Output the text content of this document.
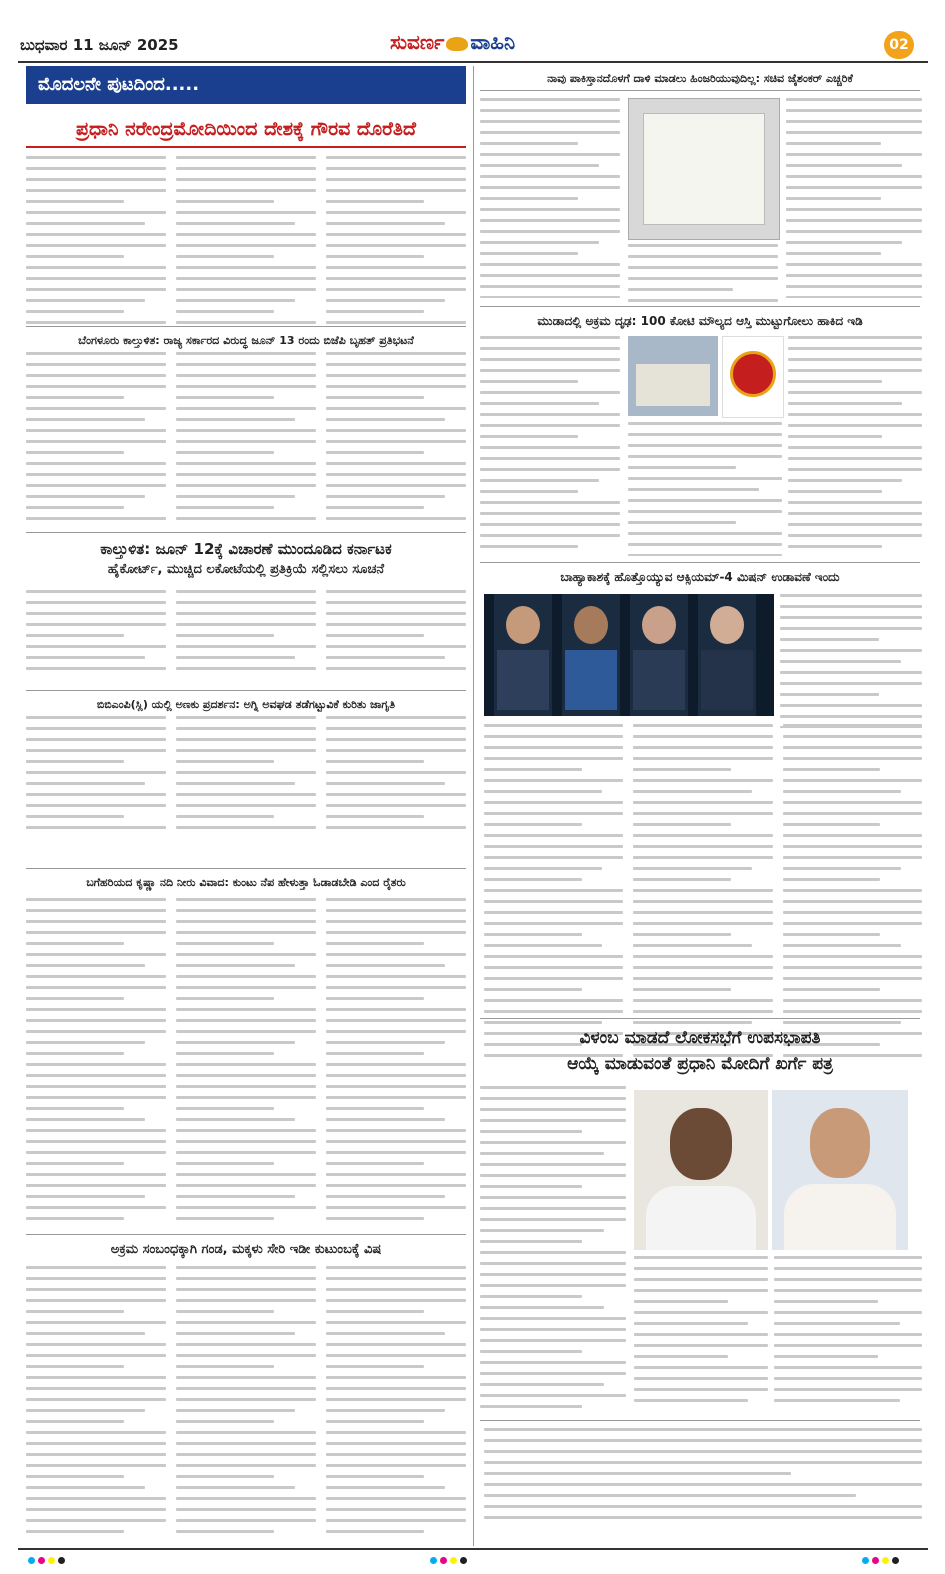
ಬುಧವಾರ 11 ಜೂನ್ 2025	ಸುವರ್ಣ ವಾಹಿನಿ	02
ಮೊದಲನೇ ಪುಟದಿಂದ.....
ಪ್ರಧಾನಿ ನರೇಂದ್ರಮೋದಿಯಿಂದ ದೇಶಕ್ಕೆ ಗೌರವ ದೊರೆತಿದೆ
ಬೆಂಗಳೂರು ಕಾಲ್ತುಳಿತ: ರಾಜ್ಯ ಸರ್ಕಾರದ ವಿರುದ್ಧ ಜೂನ್ 13 ರಂದು ಬಿಜೆಪಿ ಬೃಹತ್ ಪ್ರತಿಭಟನೆ
ಕಾಲ್ತುಳಿತ: ಜೂನ್ 12ಕ್ಕೆ ವಿಚಾರಣೆ ಮುಂದೂಡಿದ ಕರ್ನಾಟಕ
ಹೈಕೋರ್ಟ್, ಮುಚ್ಚಿದ ಲಕೋಟೆಯಲ್ಲಿ ಪ್ರತಿಕ್ರಿಯೆ ಸಲ್ಲಿಸಲು ಸೂಚನೆ
ಬಿಬಿಎಂಪಿ(ಸ್ಲಿ) ಯಲ್ಲಿ ಅಣಕು ಪ್ರದರ್ಶನ: ಅಗ್ನಿ ಅವಘಡ ತಡೆಗಟ್ಟುವಿಕೆ ಕುರಿತು ಜಾಗೃತಿ
ಬಗೆಹರಿಯದ ಕೃಷ್ಣಾ ನದಿ ನೀರು ವಿವಾದ: ಕುಂಟು ನೆಪ ಹೇಳುತ್ತಾ ಓಡಾಡಬೇಡಿ ಎಂದ ರೈತರು
ಅಕ್ರಮ ಸಂಬಂಧಕ್ಕಾಗಿ ಗಂಡ, ಮಕ್ಕಳು ಸೇರಿ ಇಡೀ ಕುಟುಂಬಕ್ಕೆ ವಿಷ
ನಾವು ಪಾಕಿಸ್ತಾನದೊಳಗೆ ದಾಳಿ ಮಾಡಲು ಹಿಂಜರಿಯುವುದಿಲ್ಲ: ಸಚಿವ ಜೈಶಂಕರ್ ಎಚ್ಚರಿಕೆ
ಮುಡಾದಲ್ಲಿ ಅಕ್ರಮ ದೃಢ: 100 ಕೋಟಿ ಮೌಲ್ಯದ ಆಸ್ತಿ ಮುಟ್ಟುಗೋಲು ಹಾಕಿದ ಇಡಿ
ಬಾಹ್ಯಾಕಾಶಕ್ಕೆ ಹೊತ್ತೊಯ್ಯುವ ಆಕ್ಸಿಯಮ್-4 ಮಿಷನ್ ಉಡಾವಣೆ ಇಂದು
ವಿಳಂಬ ಮಾಡದೆ ಲೋಕಸಭೆಗೆ ಉಪಸಭಾಪತಿ
ಆಯ್ಕೆ ಮಾಡುವಂತೆ ಪ್ರಧಾನಿ ಮೋದಿಗೆ ಖರ್ಗೆ ಪತ್ರ
